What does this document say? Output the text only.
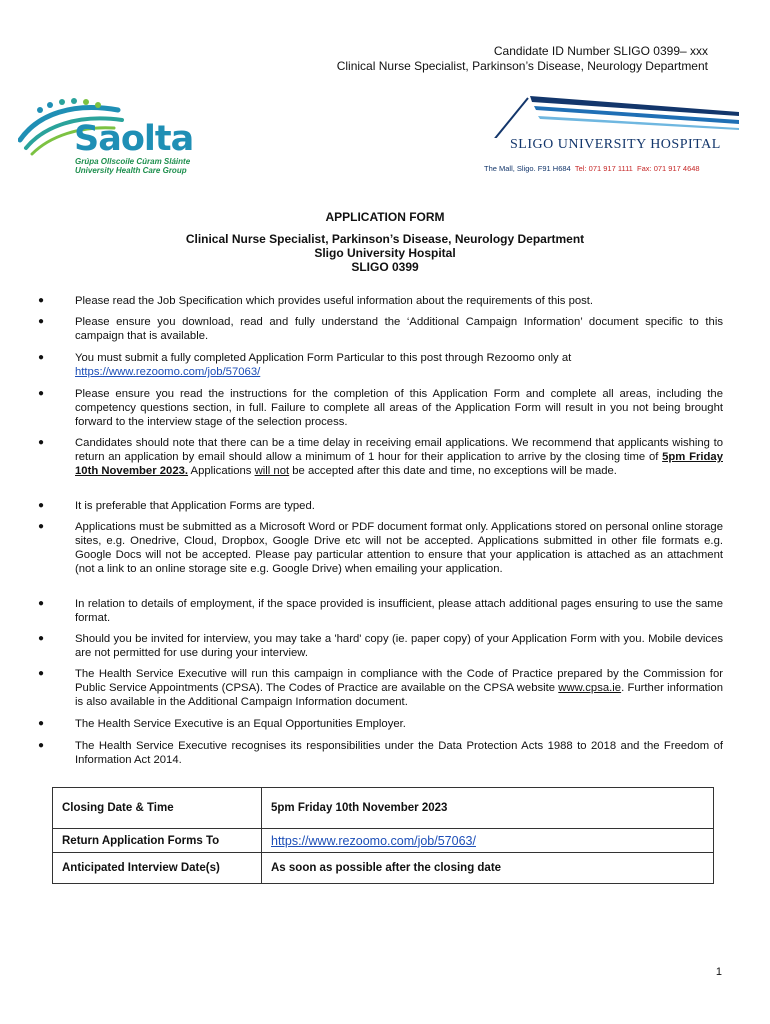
Candidate ID Number SLIGO 0399– xxx
Clinical Nurse Specialist, Parkinson’s Disease, Neurology Department
Saolta
Grúpa Ollscoile Cúram Sláinte
University Health Care Group
SLIGO UNIVERSITY HOSPITAL
The Mall, Sligo. F91 H684 Tel: 071 917 1111 Fax: 071 917 4648
APPLICATION FORM
Clinical Nurse Specialist, Parkinson’s Disease, Neurology Department
Sligo University Hospital
SLIGO 0399
●	Please read the Job Specification which provides useful information about the requirements of this post.
●	Please ensure you download, read and fully understand the ‘Additional Campaign Information’ document specific to this campaign that is available.
●	You must submit a fully completed Application Form Particular to this post through Rezoomo only at
https://www.rezoomo.com/job/57063/
●	Please ensure you read the instructions for the completion of this Application Form and complete all areas, including the competency questions section, in full. Failure to complete all areas of the Application Form will result in you not being brought forward to the interview stage of the selection process.
●	Candidates should note that there can be a time delay in receiving email applications. We recommend that applicants wishing to return an application by email should allow a minimum of 1 hour for their application to arrive by the closing time of 5pm Friday 10th November 2023. Applications will not be accepted after this date and time, no exceptions will be made.
●	It is preferable that Application Forms are typed.
●	Applications must be submitted as a Microsoft Word or PDF document format only. Applications stored on personal online storage sites, e.g. Onedrive, Cloud, Dropbox, Google Drive etc will not be accepted. Applications submitted in other file formats e.g. Google Docs will not be accepted. Please pay particular attention to ensure that your application is attached as an attachment (not a link to an online storage site e.g. Google Drive) when emailing your application.
●	In relation to details of employment, if the space provided is insufficient, please attach additional pages ensuring to use the same format.
●	Should you be invited for interview, you may take a 'hard' copy (ie. paper copy) of your Application Form with you. Mobile devices are not permitted for use during your interview.
●	The Health Service Executive will run this campaign in compliance with the Code of Practice prepared by the Commission for Public Service Appointments (CPSA). The Codes of Practice are available on the CPSA website www.cpsa.ie. Further information is also available in the Additional Campaign Information document.
●	The Health Service Executive is an Equal Opportunities Employer.
●	The Health Service Executive recognises its responsibilities under the Data Protection Acts 1988 to 2018 and the Freedom of Information Act 2014.
Closing Date & Time	5pm Friday 10th November 2023
Return Application Forms To	https://www.rezoomo.com/job/57063/
Anticipated Interview Date(s)	As soon as possible after the closing date
1
